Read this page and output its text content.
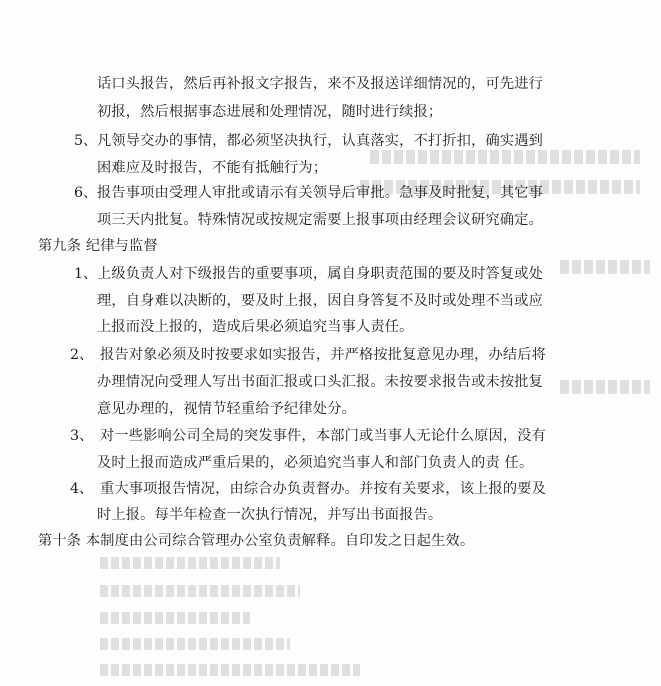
话口头报告，然后再补报文字报告，来不及报送详细情况的，可先进行
初报，然后根据事态进展和处理情况，随时进行续报；
5、 凡领导交办的事情，都必须坚决执行，认真落实，不打折扣，确实遇到
困难应及时报告，不能有抵触行为；
6、 报告事项由受理人审批或请示有关领导后审批。急事及时批复，其它事
项三天内批复。特殊情况或按规定需要上报事项由经理会议研究确定。
第九条 纪律与监督
1、 上级负责人对下级报告的重要事项，属自身职责范围的要及时答复或处
理，自身难以决断的，要及时上报，因自身答复不及时或处理不当或应
上报而没上报的，造成后果必须追究当事人责任。
2、 报告对象必须及时按要求如实报告，并严格按批复意见办理，办结后将
办理情况向受理人写出书面汇报或口头汇报。未按要求报告或未按批复
意见办理的，视情节轻重给予纪律处分。
3、 对一些影响公司全局的突发事件，本部门或当事人无论什么原因，没有
及时上报而造成严重后果的，必须追究当事人和部门负责人的责 任。
4、 重大事项报告情况，由综合办负责督办。并按有关要求，该上报的要及
时上报。每半年检查一次执行情况，并写出书面报告。
第十条 本制度由公司综合管理办公室负责解释。自印发之日起生效。
